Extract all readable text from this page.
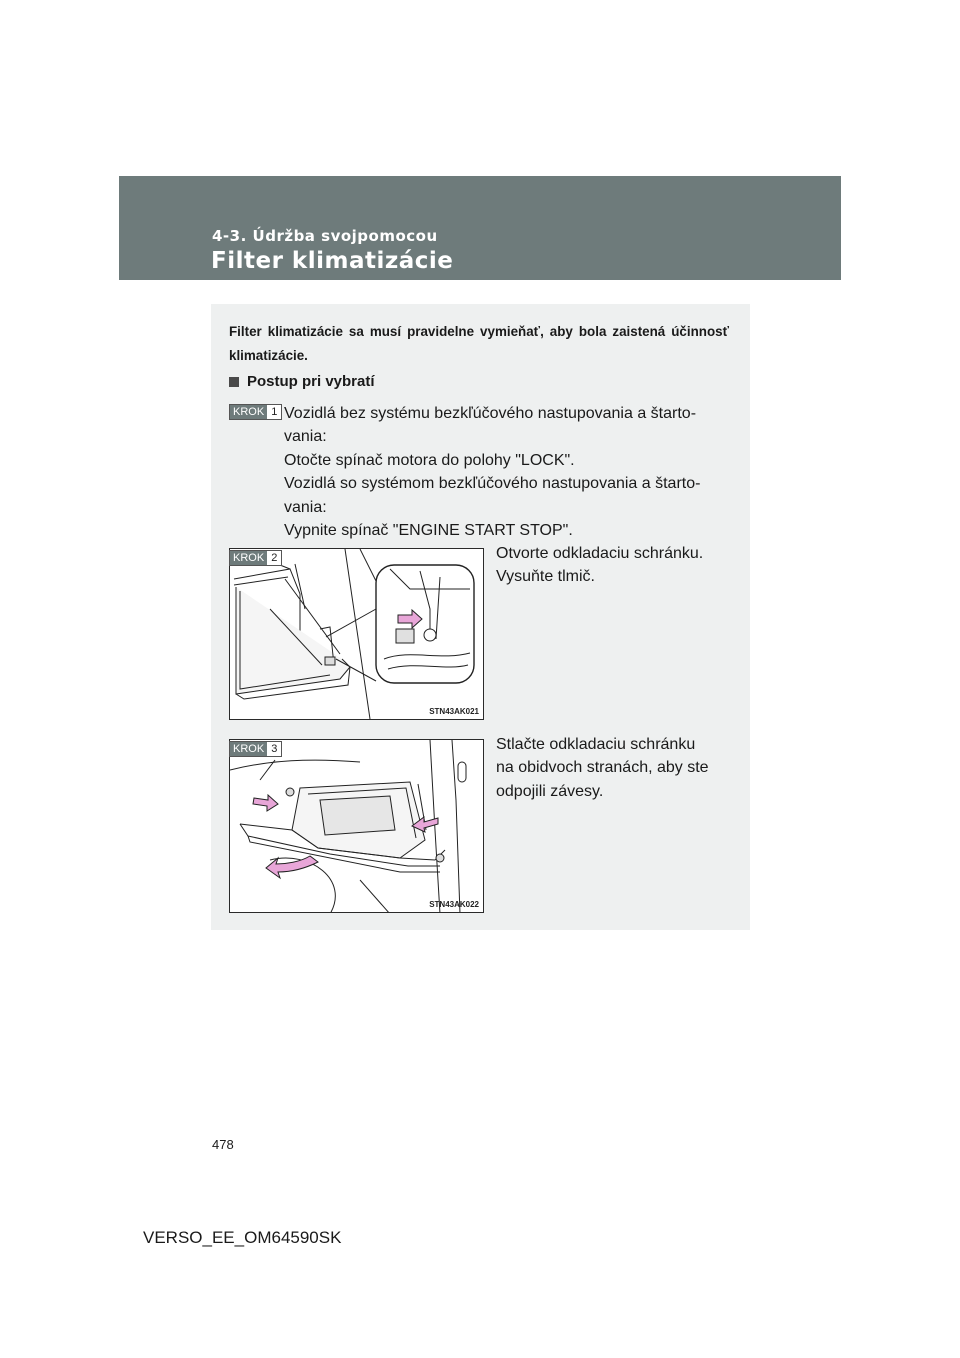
4-3. Údržba svojpomocou
Filter klimatizácie
Filter klimatizácie sa musí pravidelne vymieňať, aby bola zaistená účinnosť klimatizácie.
Postup pri vybratí
KROK 1 Vozidlá bez systému bezkľúčového nastupovania a štarto-

vania:

Otočte spínač motora do polohy "LOCK".

Vozidlá so systémom bezkľúčového nastupovania a štarto-

vania:

Vypnite spínač "ENGINE START STOP".

STN43AK021
KROK 2	Otvorte odkladaciu schránku.

Vysuňte tlmič.

STN43AK022
KROK 3	Stlačte odkladaciu schránku

na obidvoch stranách, aby ste

odpojili závesy.

478
VERSO_EE_OM64590SK
